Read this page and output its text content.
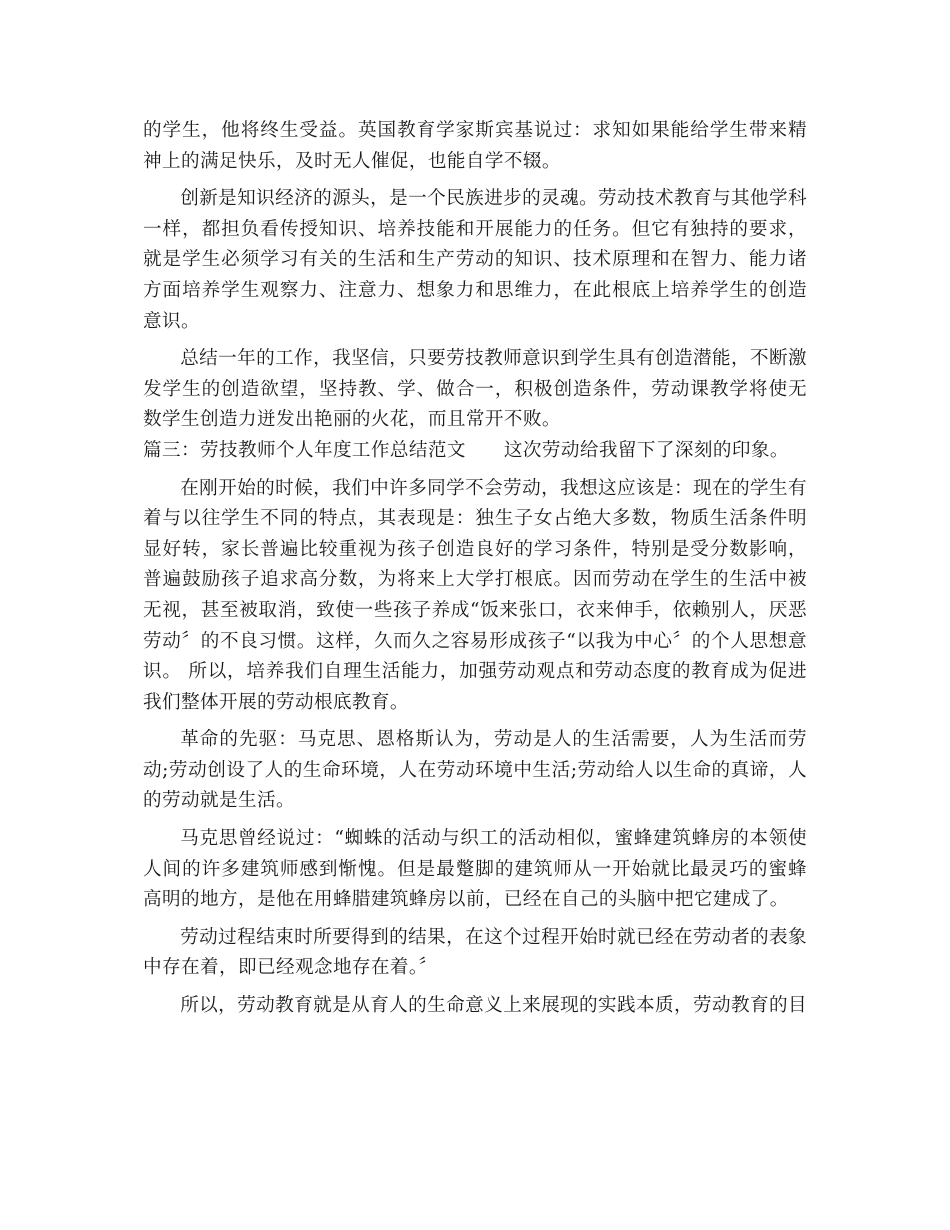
的学生，他将终生受益。英国教育学家斯宾基说过：求知如果能给学生带来精神上的满足快乐，及时无人催促，也能自学不辍。

创新是知识经济的源头，是一个民族进步的灵魂。劳动技术教育与其他学科一样，都担负看传授知识、培养技能和开展能力的任务。但它有独持的要求，就是学生必须学习有关的生活和生产劳动的知识、技术原理和在智力、能力诸方面培养学生观察力、注意力、想象力和思维力，在此根底上培养学生的创造意识。

总结一年的工作，我坚信，只要劳技教师意识到学生具有创造潜能，不断激发学生的创造欲望，坚持教、学、做合一，积极创造条件，劳动课教学将使无数学生创造力迸发出艳丽的火花，而且常开不败。

篇三：劳技教师个人年度工作总结范文 这次劳动给我留下了深刻的印象。

在刚开始的时候，我们中许多同学不会劳动，我想这应该是：现在的学生有着与以往学生不同的特点，其表现是：独生子女占绝大多数，物质生活条件明显好转，家长普遍比较重视为孩子创造良好的学习条件，特别是受分数影响，普遍鼓励孩子追求高分数，为将来上大学打根底。因而劳动在学生的生活中被无视，甚至被取消，致使一些孩子养成“饭来张口，衣来伸手，依赖别人，厌恶劳动〞的不良习惯。这样，久而久之容易形成孩子“以我为中心〞的个人思想意识。 所以，培养我们自理生活能力，加强劳动观点和劳动态度的教育成为促进我们整体开展的劳动根底教育。

革命的先驱：马克思、恩格斯认为，劳动是人的生活需要，人为生活而劳动;劳动创设了人的生命环境，人在劳动环境中生活;劳动给人以生命的真谛，人的劳动就是生活。

马克思曾经说过：“蜘蛛的活动与织工的活动相似，蜜蜂建筑蜂房的本领使人间的许多建筑师感到惭愧。但是最蹩脚的建筑师从一开始就比最灵巧的蜜蜂高明的地方，是他在用蜂腊建筑蜂房以前，已经在自己的头脑中把它建成了。

劳动过程结束时所要得到的结果，在这个过程开始时就已经在劳动者的表象中存在着，即已经观念地存在着。〞

所以，劳动教育就是从育人的生命意义上来展现的实践本质，劳动教育的目
